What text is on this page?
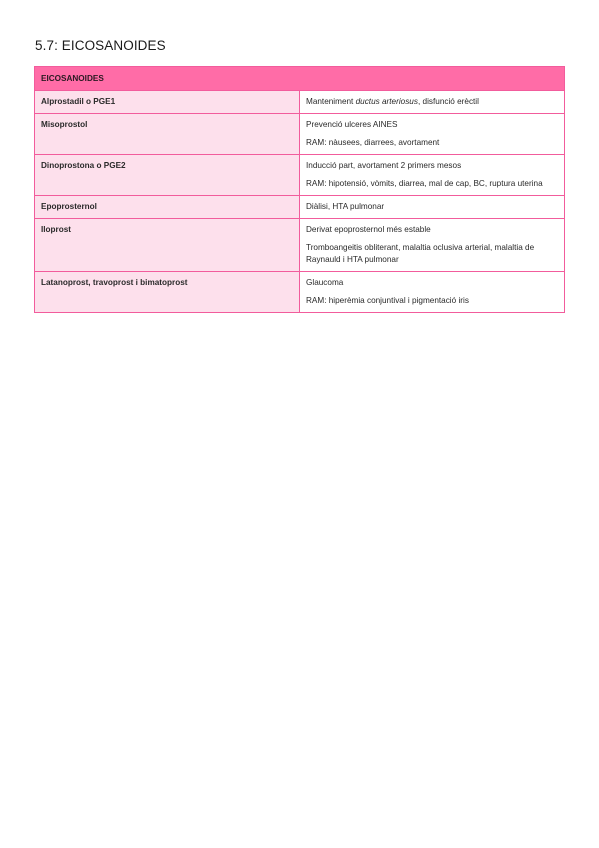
5.7: EICOSANOIDES
EICOSANOIDES	
Alprostadil o PGE1	Manteniment ductus arteriosus, disfunció erèctil

Misoprostol	Prevenció ulceres AINES
RAM: nàusees, diarrees, avortament

Dinoprostona o PGE2	Inducció part, avortament 2 primers mesos
RAM: hipotensió, vòmits, diarrea, mal de cap, BC, ruptura uterina

Epoprosternol	Diàlisi, HTA pulmonar

Iloprost	Derivat epoprosternol més estable
Tromboangeitis obliterant, malaltia oclusiva arterial, malaltia de Raynauld i HTA pulmonar

Latanoprost, travoprost i bimatoprost	Glaucoma
RAM: hiperèmia conjuntival i pigmentació iris
